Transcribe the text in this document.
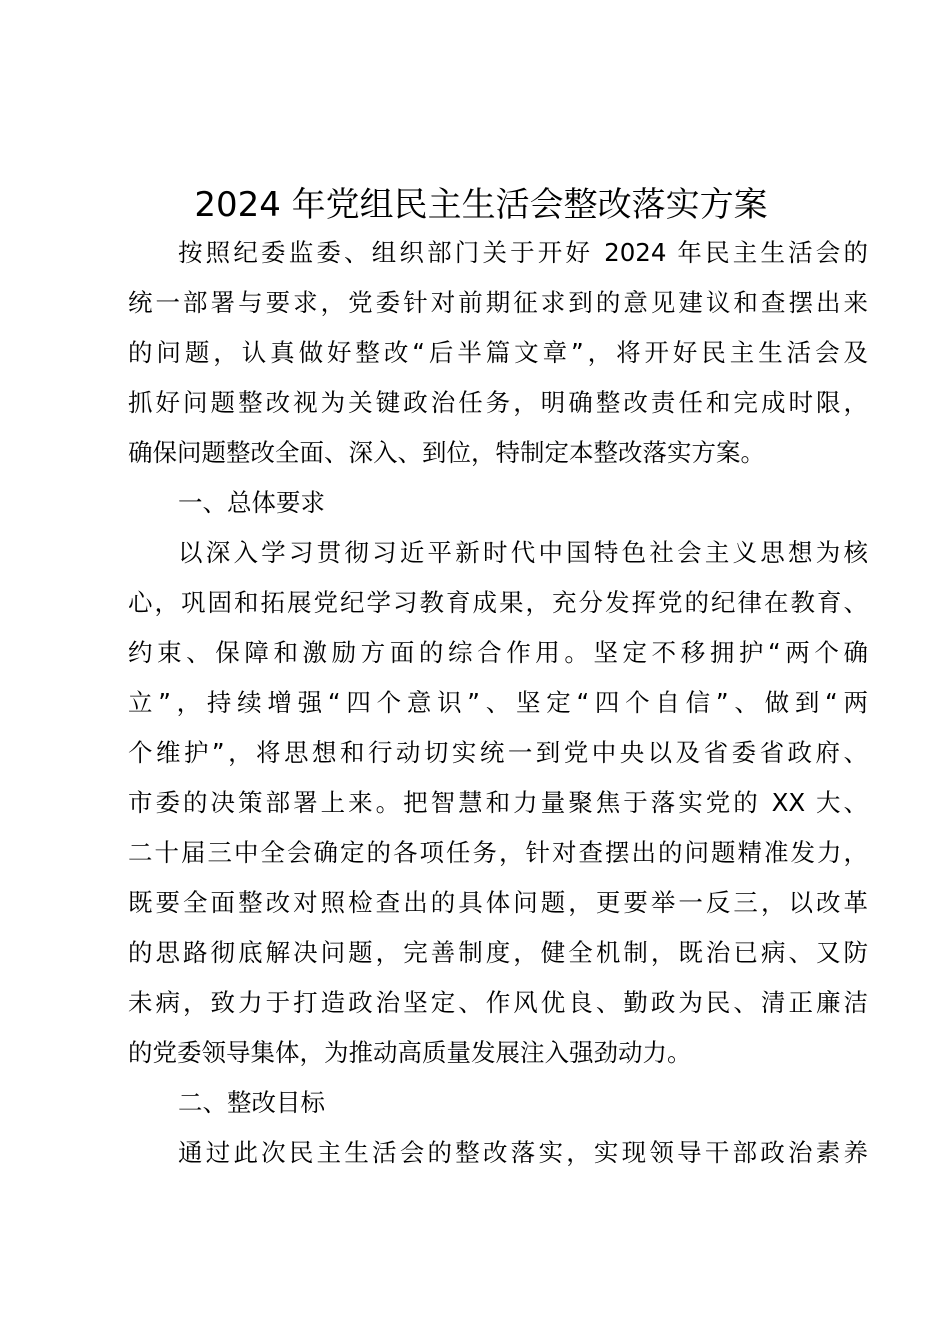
2024 年党组民主生活会整改落实方案

按照纪委监委、组织部门关于开好 2024 年民主生活会的

统一部署与要求，党委针对前期征求到的意见建议和查摆出来

的问题，认真做好整改“后半篇文章”，将开好民主生活会及

抓好问题整改视为关键政治任务，明确整改责任和完成时限，

确保问题整改全面、深入、到位，特制定本整改落实方案。

一、总体要求

以深入学习贯彻习近平新时代中国特色社会主义思想为核

心，巩固和拓展党纪学习教育成果，充分发挥党的纪律在教育、

约束、保障和激励方面的综合作用。坚定不移拥护“两个确

立”，持续增强“四个意识”、坚定“四个自信”、做到“两

个维护”，将思想和行动切实统一到党中央以及省委省政府、

市委的决策部署上来。把智慧和力量聚焦于落实党的 XX 大、

二十届三中全会确定的各项任务，针对查摆出的问题精准发力，

既要全面整改对照检查出的具体问题，更要举一反三，以改革

的思路彻底解决问题，完善制度，健全机制，既治已病、又防

未病，致力于打造政治坚定、作风优良、勤政为民、清正廉洁

的党委领导集体，为推动高质量发展注入强劲动力。

二、整改目标

通过此次民主生活会的整改落实，实现领导干部政治素养
